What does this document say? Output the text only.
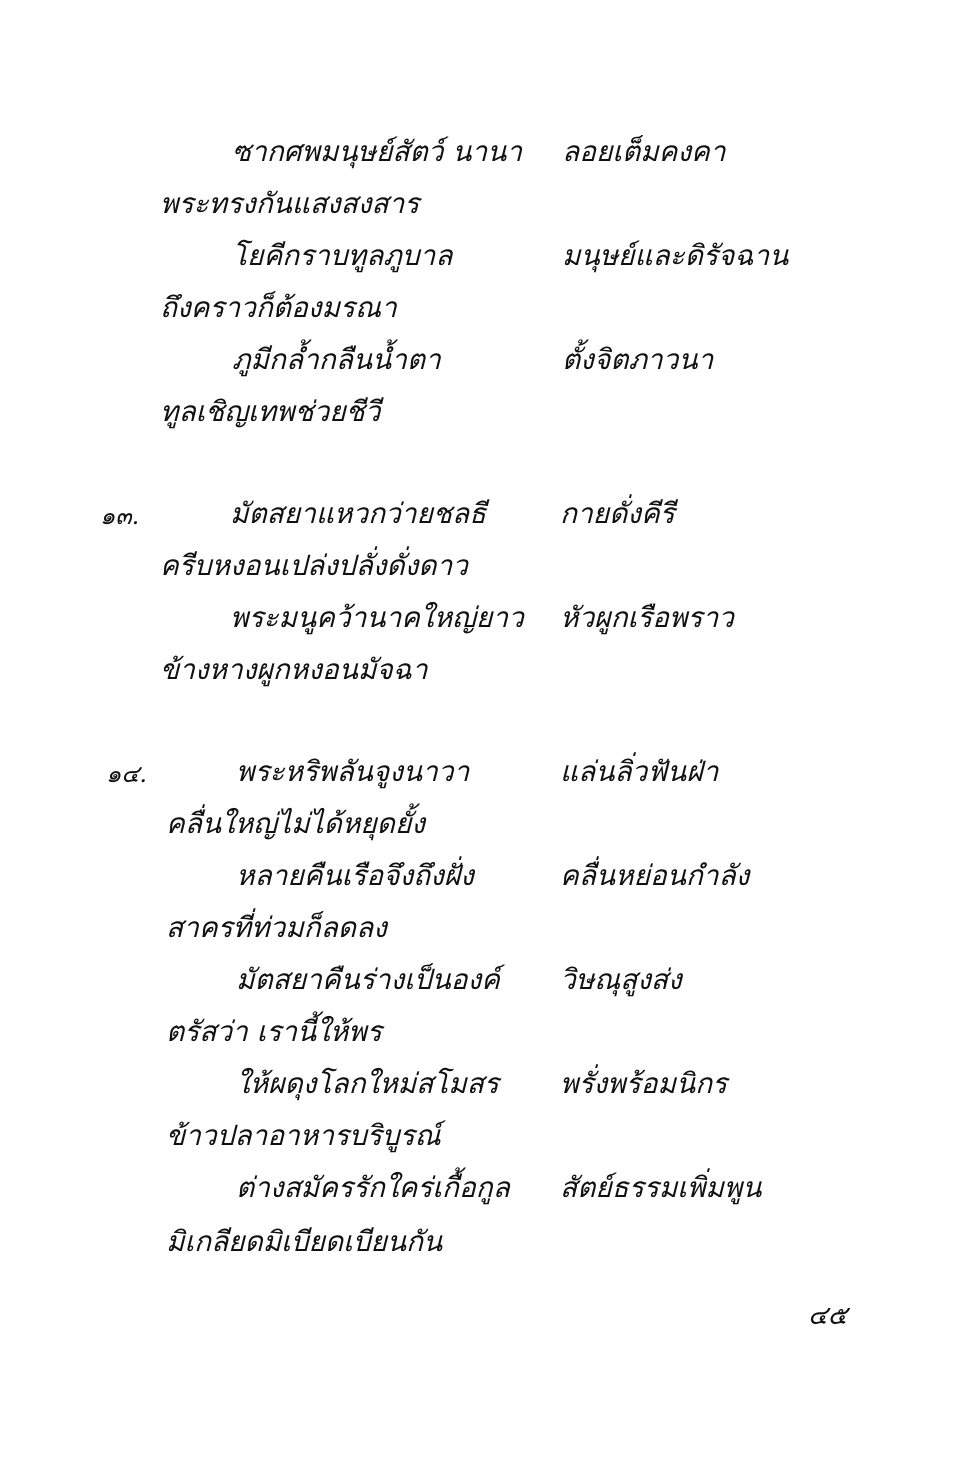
ซากศพมนุษย์สัตว์ นานา ลอยเต็มคงคา
พระทรงกันแสงสงสาร
โยคีกราบทูลภูบาล	มนุษย์และดิรัจฉาน
ถึงคราวก็ต้องมรณา
ภูมีกล้ำกลืนน้ำตา	ตั้งจิตภาวนา
ทูลเชิญเทพช่วยชีวี
๑๓.	มัตสยาแหวกว่ายชลธี	กายดั่งคีรี
ครีบหงอนเปล่งปลั่งดั่งดาว
พระมนูคว้านาคใหญ่ยาว หัวผูกเรือพราว
ข้างหางผูกหงอนมัจฉา
๑๔.	พระหริพลันจูงนาวา	แล่นลิ่วฟันฝ่า
คลื่นใหญ่ไม่ได้หยุดยั้ง
หลายคืนเรือจึงถึงฝั่ง	คลื่นหย่อนกำลัง
สาครที่ท่วมก็ลดลง
มัตสยาคืนร่างเป็นองค์ วิษณุสูงส่ง
ตรัสว่า เรานี้ให้พร
ให้ผดุงโลกใหม่สโมสร พรั่งพร้อมนิกร
ข้าวปลาอาหารบริบูรณ์
ต่างสมัครรักใคร่เกื้อกูล สัตย์ธรรมเพิ่มพูน
มิเกลียดมิเบียดเบียนกัน
๔๕
